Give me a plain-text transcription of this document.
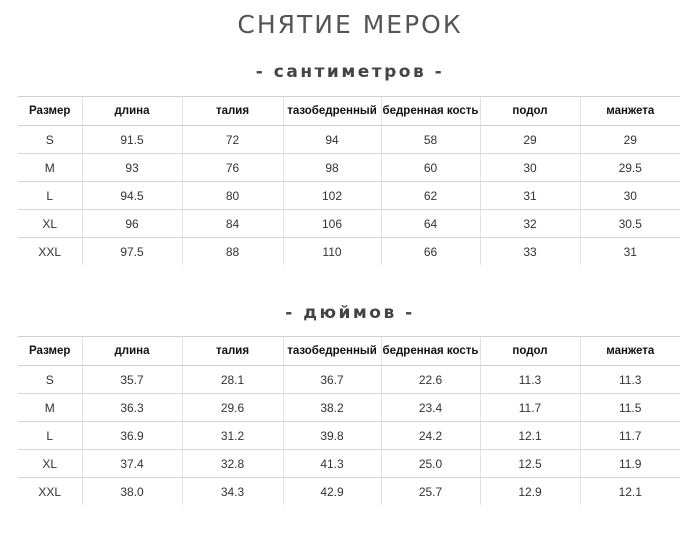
СНЯТИЕ МЕРОК
- сантиметров -
Размер	длина	талия	тазобедренный	бедренная кость	подол	манжета
S	91.5	72	94	58	29	29
M	93	76	98	60	30	29.5
L	94.5	80	102	62	31	30
XL	96	84	106	64	32	30.5
XXL	97.5	88	110	66	33	31
- дюймов -
Размер	длина	талия	тазобедренный	бедренная кость	подол	манжета
S	35.7	28.1	36.7	22.6	11.3	11.3
M	36.3	29.6	38.2	23.4	11.7	11.5
L	36.9	31.2	39.8	24.2	12.1	11.7
XL	37.4	32.8	41.3	25.0	12.5	11.9
XXL	38.0	34.3	42.9	25.7	12.9	12.1
